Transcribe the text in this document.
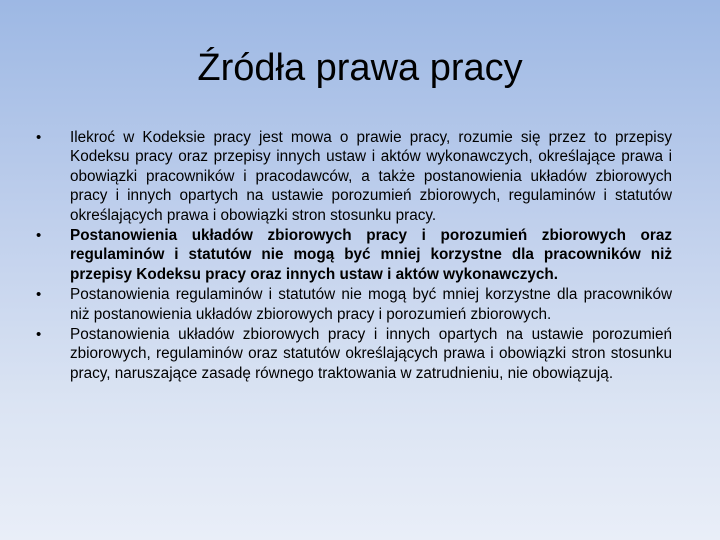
Źródła prawa pracy
•	Ilekroć w Kodeksie pracy jest mowa o prawie pracy, rozumie się przez to przepisy Kodeksu pracy oraz przepisy innych ustaw i aktów wykonawczych, określające prawa i obowiązki pracowników i pracodawców, a także postanowienia układów zbiorowych pracy i innych opartych na ustawie porozumień zbiorowych, regulaminów i statutów określających prawa i obowiązki stron stosunku pracy.
•	Postanowienia układów zbiorowych pracy i porozumień zbiorowych oraz regulaminów i statutów nie mogą być mniej korzystne dla pracowników niż przepisy Kodeksu pracy oraz innych ustaw i aktów wykonawczych.
•	Postanowienia regulaminów i statutów nie mogą być mniej korzystne dla pracowników niż postanowienia układów zbiorowych pracy i porozumień zbiorowych.
•	Postanowienia układów zbiorowych pracy i innych opartych na ustawie porozumień zbiorowych, regulaminów oraz statutów określających prawa i obowiązki stron stosunku pracy, naruszające zasadę równego traktowania w zatrudnieniu, nie obowiązują.
